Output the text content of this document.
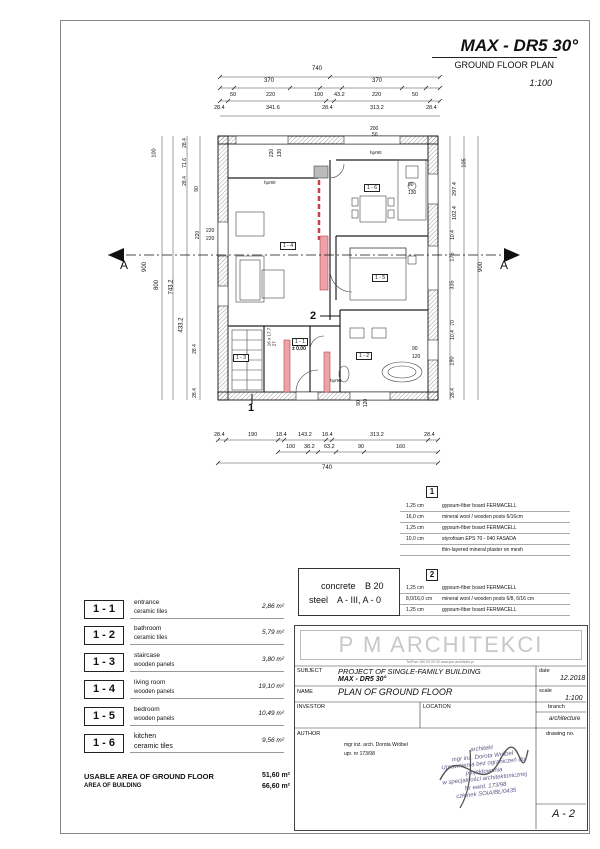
MAX - DR5 30°
GROUND FLOOR PLAN
1:100
740
370	370
50	220	100 43.2	220	50
28.4	341.6	28.4	313.2	28.4
28.4	190	18.4 143.2 18.4	313.2	28.4
100 38.2 63.2	90	160
740
100
28.4
71.6
28.4
90
220
900
800 743.2
433.2
28.4
28.4
105
297.4
102.4
10.4
175
900
335
70
10.4
190
28.4
220 130
90
130
220
220
90
120
90 120
200
50
1 - 1
1 - 2
1 - 3
1 - 4
1 - 5
1 - 6
± 0.00
16 x 17.7
27
hpr90
hpr90
hpr90
A	A
1
2
1
1,25 cm	gypsum-fiber board FERMACELL
16,0 cm	mineral wool / wooden posts 6/16cm
1,25 cm	gypsum-fiber board FERMACELL
10,0 cm	styrofoam EPS 70 - 040 FASADA
thin-layered mineral plaster on mesh
2
1,25 cm	gypsum-fiber board FERMACELL
8,0/16,0 cm mineral wool / wooden posts 6/8, 6/16 cm
1,25 cm	gypsum-fiber board FERMACELL
concrete B 20
steel A - III, A - 0
1 - 1
entrance
ceramic tiles
2,86 m²
1 - 2
bathroom
ceramic tiles
5,79 m²
1 - 3
staircase
wooden panels
3,80 m²
1 - 4
living room
wooden panels
19,10 m²
1 - 5
bedroom
wooden panels
10,49 m²
1 - 6
kitchen
ceramic tiles
9,56 m²
USABLE AREA OF GROUND FLOOR	51,60 m²
AREA OF BUILDING	66,60 m²
P M ARCHITEKCI
Tel/Fax: 000 00 00 00 www.pm-architekci.pl
SUBJECT PROJECT OF SINGLE-FAMILY BUILDING
MAX - DR5 30°
date
12.2018
NAME	PLAN OF GROUND FLOOR	scale
1:100
INVESTOR	LOCATION	branch
architecture
AUTHOR	drawing no.
mgr inż. arch. Dorota Wróbel
upr. nr 173/98
architekt
mgr inż. Dorota Wróbel
Uprawnienia bez ograniczeń do projektowania
w specjalności architektonicznej
Nr ewid. 173/98
członek SOIA/BŁ/0435
A - 2
